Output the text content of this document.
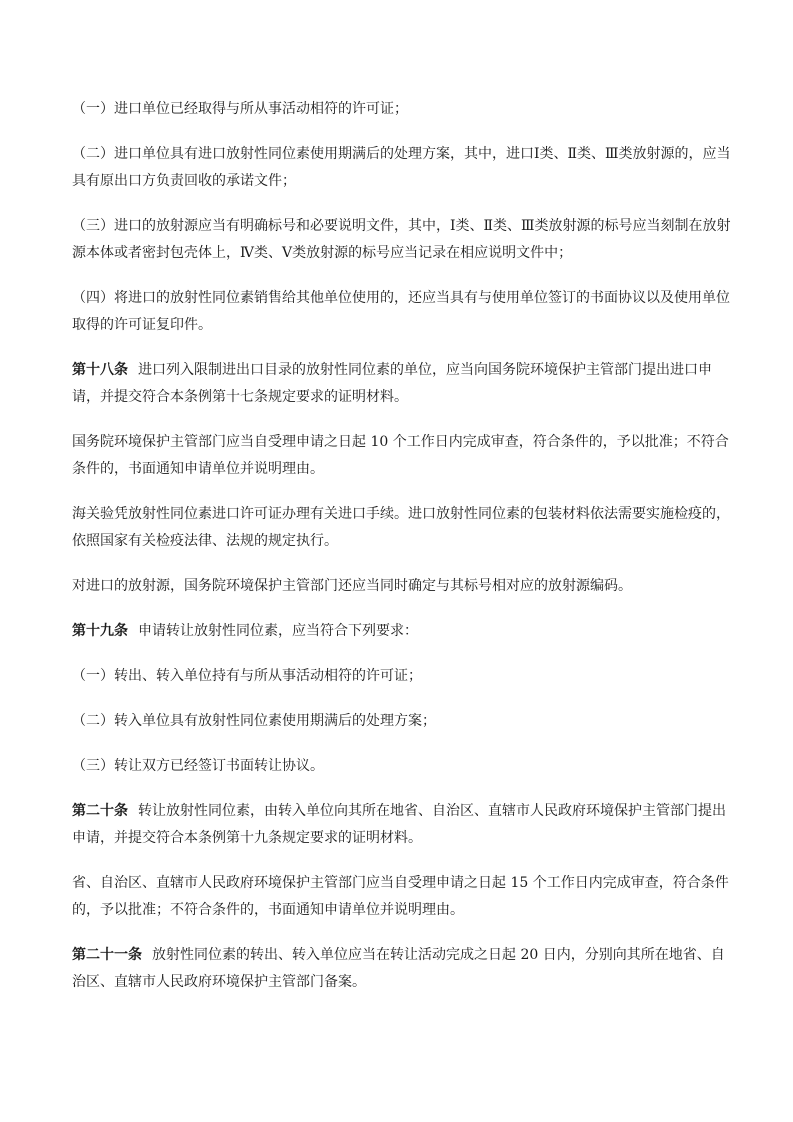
（一）进口单位已经取得与所从事活动相符的许可证；

（二）进口单位具有进口放射性同位素使用期满后的处理方案，其中，进口Ⅰ类、Ⅱ类、Ⅲ类放射源的，应当具有原出口方负责回收的承诺文件；

（三）进口的放射源应当有明确标号和必要说明文件，其中，Ⅰ类、Ⅱ类、Ⅲ类放射源的标号应当刻制在放射源本体或者密封包壳体上，Ⅳ类、Ⅴ类放射源的标号应当记录在相应说明文件中；

（四）将进口的放射性同位素销售给其他单位使用的，还应当具有与使用单位签订的书面协议以及使用单位取得的许可证复印件。

第十八条 进口列入限制进出口目录的放射性同位素的单位，应当向国务院环境保护主管部门提出进口申请，并提交符合本条例第十七条规定要求的证明材料。

国务院环境保护主管部门应当自受理申请之日起 10 个工作日内完成审查，符合条件的，予以批准；不符合条件的，书面通知申请单位并说明理由。

海关验凭放射性同位素进口许可证办理有关进口手续。进口放射性同位素的包装材料依法需要实施检疫的，依照国家有关检疫法律、法规的规定执行。

对进口的放射源，国务院环境保护主管部门还应当同时确定与其标号相对应的放射源编码。

第十九条 申请转让放射性同位素，应当符合下列要求：

（一）转出、转入单位持有与所从事活动相符的许可证；

（二）转入单位具有放射性同位素使用期满后的处理方案；

（三）转让双方已经签订书面转让协议。

第二十条 转让放射性同位素，由转入单位向其所在地省、自治区、直辖市人民政府环境保护主管部门提出申请，并提交符合本条例第十九条规定要求的证明材料。

省、自治区、直辖市人民政府环境保护主管部门应当自受理申请之日起 15 个工作日内完成审查，符合条件的，予以批准；不符合条件的，书面通知申请单位并说明理由。

第二十一条 放射性同位素的转出、转入单位应当在转让活动完成之日起 20 日内，分别向其所在地省、自治区、直辖市人民政府环境保护主管部门备案。
